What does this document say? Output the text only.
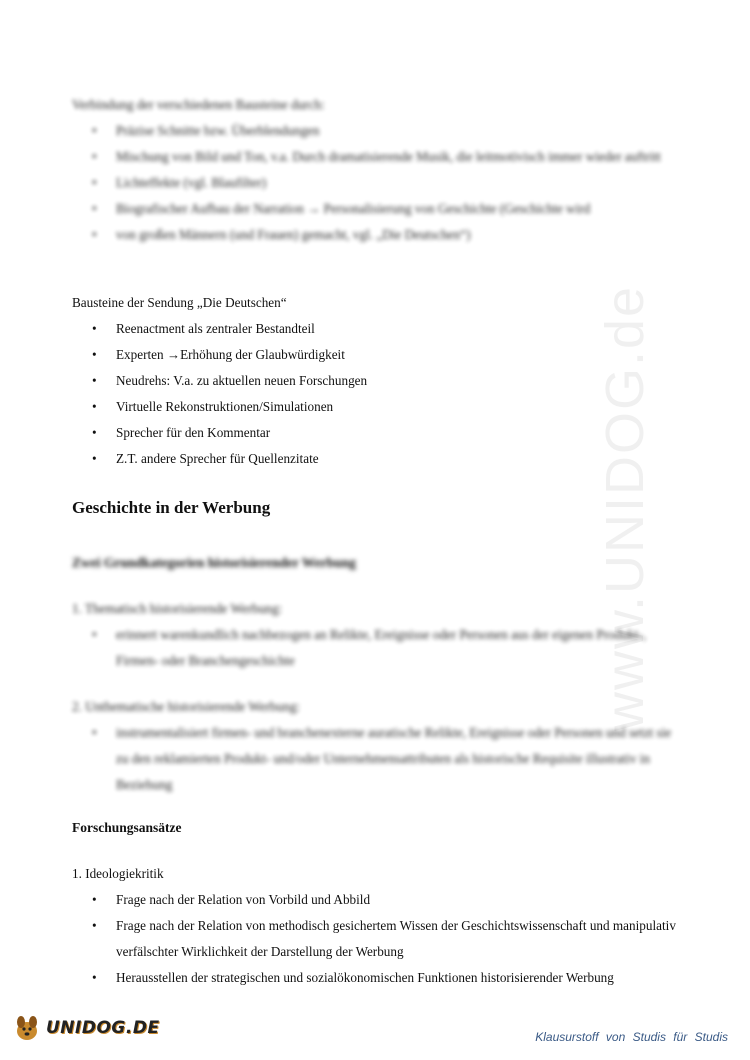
www.UNIDOG.de
Verbindung der verschiedenen Bausteine durch:
• Präzise Schnitte bzw. Überblendungen
• Mischung von Bild und Ton, v.a. Durch dramatisierende Musik, die leitmotivisch immer wieder auftritt
• Lichteffekte (vgl. Blaufilter)
• Biografischer Aufbau der Narration → Personalisierung von Geschichte (Geschichte wird
• von großen Männern (und Frauen) gemacht, vgl. „Die Deutschen“)
Bausteine der Sendung „Die Deutschen“
• Reenactment als zentraler Bestandteil
• Experten →Erhöhung der Glaubwürdigkeit
• Neudrehs: V.a. zu aktuellen neuen Forschungen
• Virtuelle Rekonstruktionen/Simulationen
• Sprecher für den Kommentar
• Z.T. andere Sprecher für Quellenzitate
Geschichte in der Werbung
Zwei Grundkategorien historisierender Werbung
1. Thematisch historisierende Werbung:
• erinnert warenkundlich nachbezogen an Relikte, Ereignisse oder Personen aus der eigenen Produkt-, Firmen- oder Branchengeschichte
2. Unthematische historisierende Werbung:
• instrumentalisiert firmen- und branchenexterne auratische Relikte, Ereignisse oder Personen und setzt sie zu den reklamierten Produkt- und/oder Unternehmensattributen als historische Requisite illustrativ in Beziehung
Forschungsansätze
1. Ideologiekritik
• Frage nach der Relation von Vorbild und Abbild
• Frage nach der Relation von methodisch gesichertem Wissen der Geschichtswissenschaft und manipulativ verfälschter Wirklichkeit der Darstellung der Werbung
• Herausstellen der strategischen und sozialökonomischen Funktionen historisierender Werbung
UNIDOG.DE	Klausurstoff von Studis für Studis
